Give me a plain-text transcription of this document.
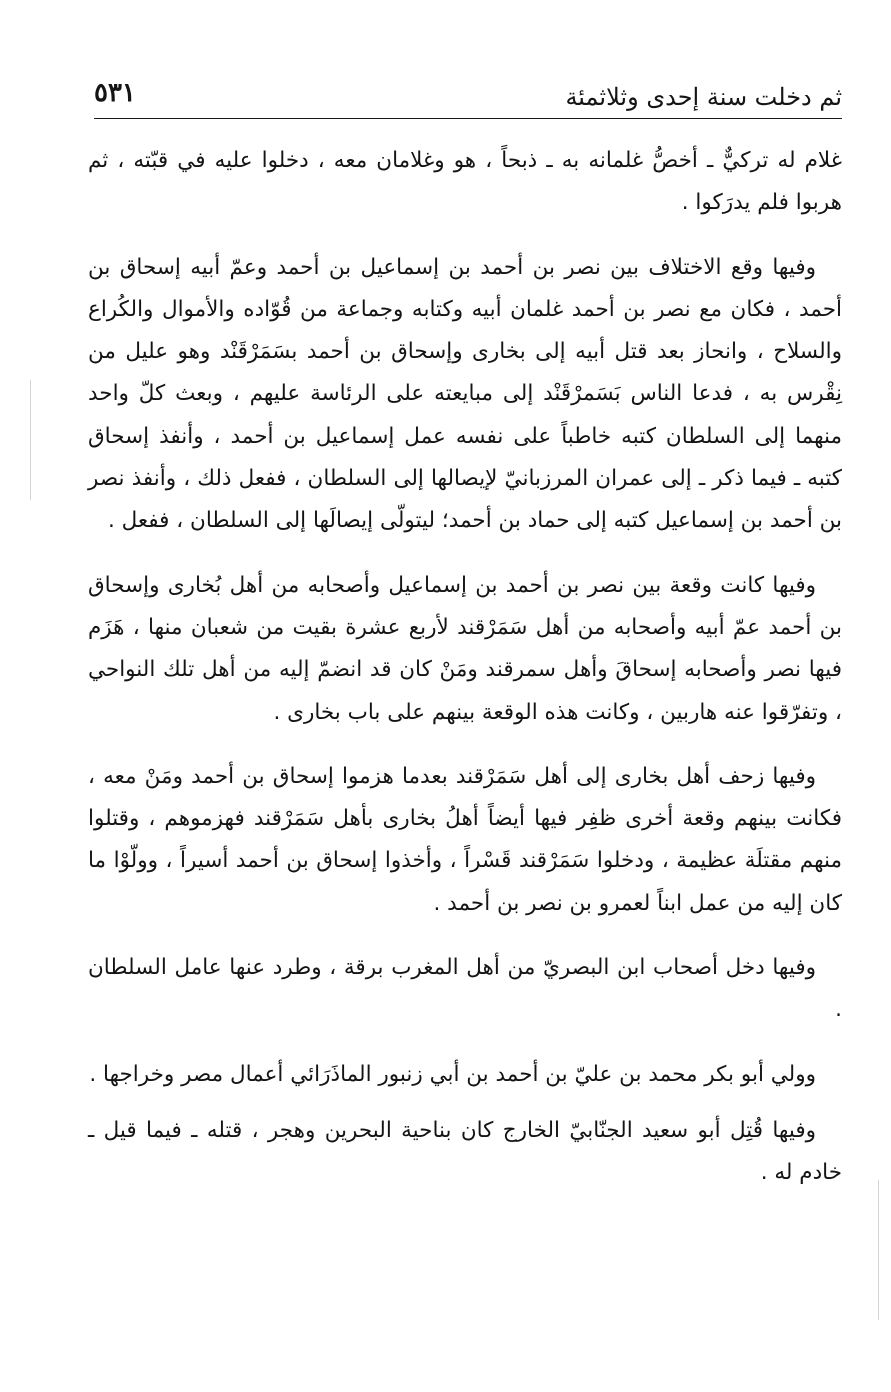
ثم دخلت سنة إحدى وثلاثمئة
٥٣١

غلام له تركيٌّ ـ أخصُّ غلمانه به ـ ذبحاً ، هو وغلامان معه ، دخلوا عليه في قبّته ، ثم هربوا فلم يدرَكوا .

وفيها وقع الاختلاف بين نصر بن أحمد بن إسماعيل بن أحمد وعمّ أبيه إسحاق بن أحمد ، فكان مع نصر بن أحمد غلمان أبيه وكتابه وجماعة من قُوّاده والأموال والكُراع والسلاح ، وانحاز بعد قتل أبيه إلى بخارى وإسحاق بن أحمد بسَمَرْقَنْد وهو عليل من نِقْرس به ، فدعا الناس بَسَمرْقَنْد إلى مبايعته على الرئاسة عليهم ، وبعث كلّ واحد منهما إلى السلطان كتبه خاطباً على نفسه عمل إسماعيل بن أحمد ، وأنفذ إسحاق كتبه ـ فيما ذكر ـ إلى عمران المرزبانيّ لإيصالها إلى السلطان ، ففعل ذلك ، وأنفذ نصر بن أحمد بن إسماعيل كتبه إلى حماد بن أحمد؛ ليتولّى إيصالَها إلى السلطان ، ففعل .

وفيها كانت وقعة بين نصر بن أحمد بن إسماعيل وأصحابه من أهل بُخارى وإسحاق بن أحمد عمّ أبيه وأصحابه من أهل سَمَرْقند لأربع عشرة بقيت من شعبان منها ، هَزَم فيها نصر وأصحابه إسحاقَ وأهل سمرقند ومَنْ كان قد انضمّ إليه من أهل تلك النواحي ، وتفرّقوا عنه هاربين ، وكانت هذه الوقعة بينهم على باب بخارى .

وفيها زحف أهل بخارى إلى أهل سَمَرْقند بعدما هزموا إسحاق بن أحمد ومَنْ معه ، فكانت بينهم وقعة أخرى ظفِر فيها أيضاً أهلُ بخارى بأهل سَمَرْقند فهزموهم ، وقتلوا منهم مقتلَة عظيمة ، ودخلوا سَمَرْقند قَسْراً ، وأخذوا إسحاق بن أحمد أسيراً ، وولّوْا ما كان إليه من عمل ابناً لعمرو بن نصر بن أحمد .

وفيها دخل أصحاب ابن البصريّ من أهل المغرب برقة ، وطرد عنها عامل السلطان .

وولي أبو بكر محمد بن عليّ بن أحمد بن أبي زنبور الماذَرَائي أعمال مصر وخراجها .

وفيها قُتِل أبو سعيد الجنّابيّ الخارج كان بناحية البحرين وهجر ، قتله ـ فيما قيل ـ خادم له .
